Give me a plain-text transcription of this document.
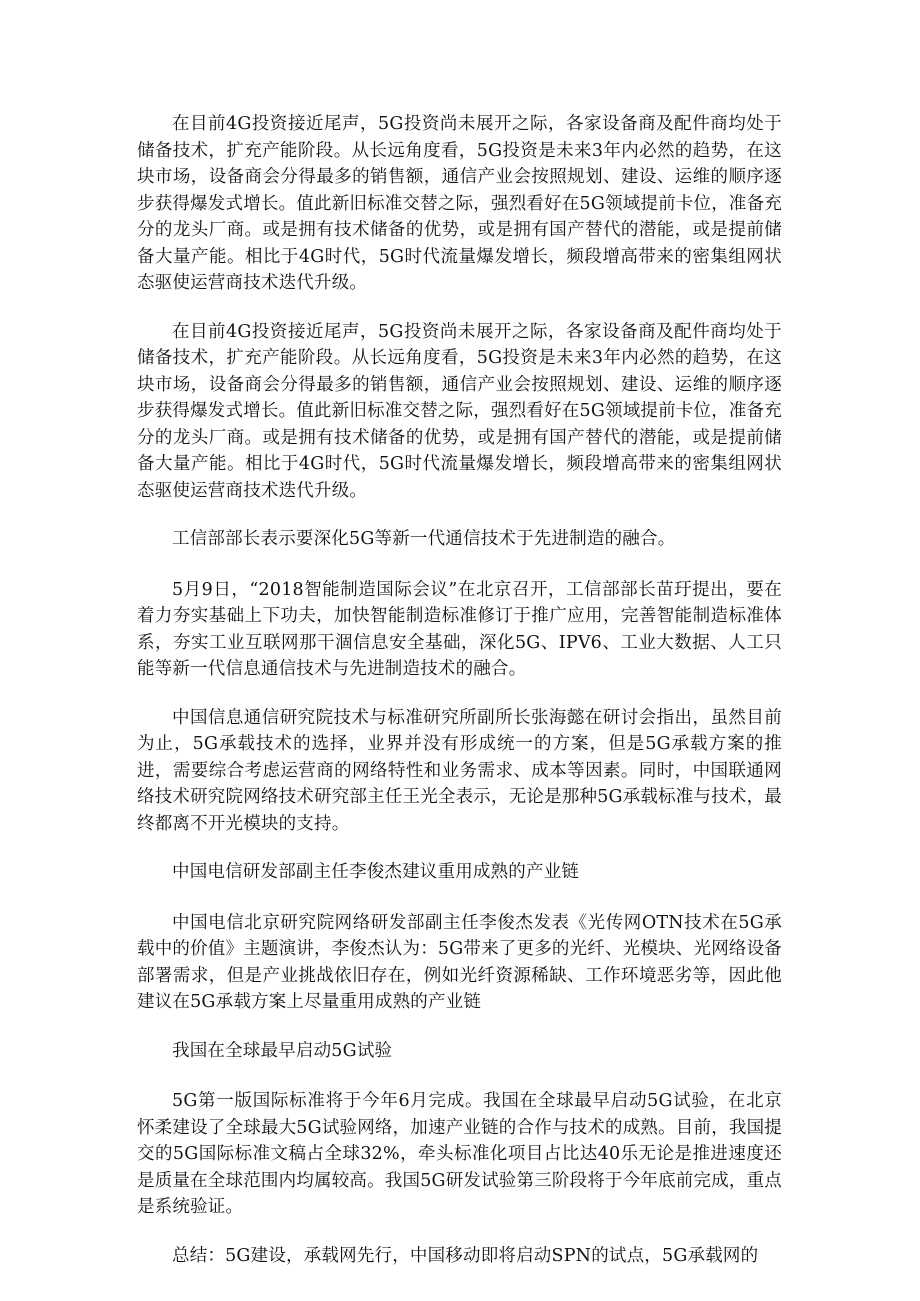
在目前4G投资接近尾声，5G投资尚未展开之际，各家设备商及配件商均处于储备技术，扩充产能阶段。从长远角度看，5G投资是未来3年内必然的趋势，在这块市场，设备商会分得最多的销售额，通信产业会按照规划、建设、运维的顺序逐步获得爆发式增长。值此新旧标准交替之际，强烈看好在5G领域提前卡位，准备充分的龙头厂商。或是拥有技术储备的优势，或是拥有国产替代的潜能，或是提前储备大量产能。相比于4G时代，5G时代流量爆发增长，频段增高带来的密集组网状态驱使运营商技术迭代升级。

在目前4G投资接近尾声，5G投资尚未展开之际，各家设备商及配件商均处于储备技术，扩充产能阶段。从长远角度看，5G投资是未来3年内必然的趋势，在这块市场，设备商会分得最多的销售额，通信产业会按照规划、建设、运维的顺序逐步获得爆发式增长。值此新旧标准交替之际，强烈看好在5G领域提前卡位，准备充分的龙头厂商。或是拥有技术储备的优势，或是拥有国产替代的潜能，或是提前储备大量产能。相比于4G时代，5G时代流量爆发增长，频段增高带来的密集组网状态驱使运营商技术迭代升级。

工信部部长表示要深化5G等新一代通信技术于先进制造的融合。

5月9日，“2018智能制造国际会议”在北京召开，工信部部长苗玗提出，要在着力夯实基础上下功夫，加快智能制造标准修订于推广应用，完善智能制造标准体系，夯实工业互联网那干涸信息安全基础，深化5G、IPV6、工业大数据、人工只能等新一代信息通信技术与先进制造技术的融合。

中国信息通信研究院技术与标准研究所副所长张海懿在研讨会指出，虽然目前为止，5G承载技术的选择，业界并没有形成统一的方案，但是5G承载方案的推进，需要综合考虑运营商的网络特性和业务需求、成本等因素。同时，中国联通网络技术研究院网络技术研究部主任王光全表示，无论是那种5G承载标准与技术，最终都离不开光模块的支持。

中国电信研发部副主任李俊杰建议重用成熟的产业链

中国电信北京研究院网络研发部副主任李俊杰发表《光传网OTN技术在5G承载中的价值》主题演讲，李俊杰认为：5G带来了更多的光纤、光模块、光网络设备部署需求，但是产业挑战依旧存在，例如光纤资源稀缺、工作环境恶劣等，因此他建议在5G承载方案上尽量重用成熟的产业链

我国在全球最早启动5G试验

5G第一版国际标准将于今年6月完成。我国在全球最早启动5G试验，在北京怀柔建设了全球最大5G试验网络，加速产业链的合作与技术的成熟。目前，我国提交的5G国际标准文稿占全球32%，牵头标准化项目占比达40乐无论是推进速度还是质量在全球范围内均属较高。我国5G研发试验第三阶段将于今年底前完成，重点是系统验证。

总结：5G建设，承载网先行，中国移动即将启动SPN的试点，5G承载网的
